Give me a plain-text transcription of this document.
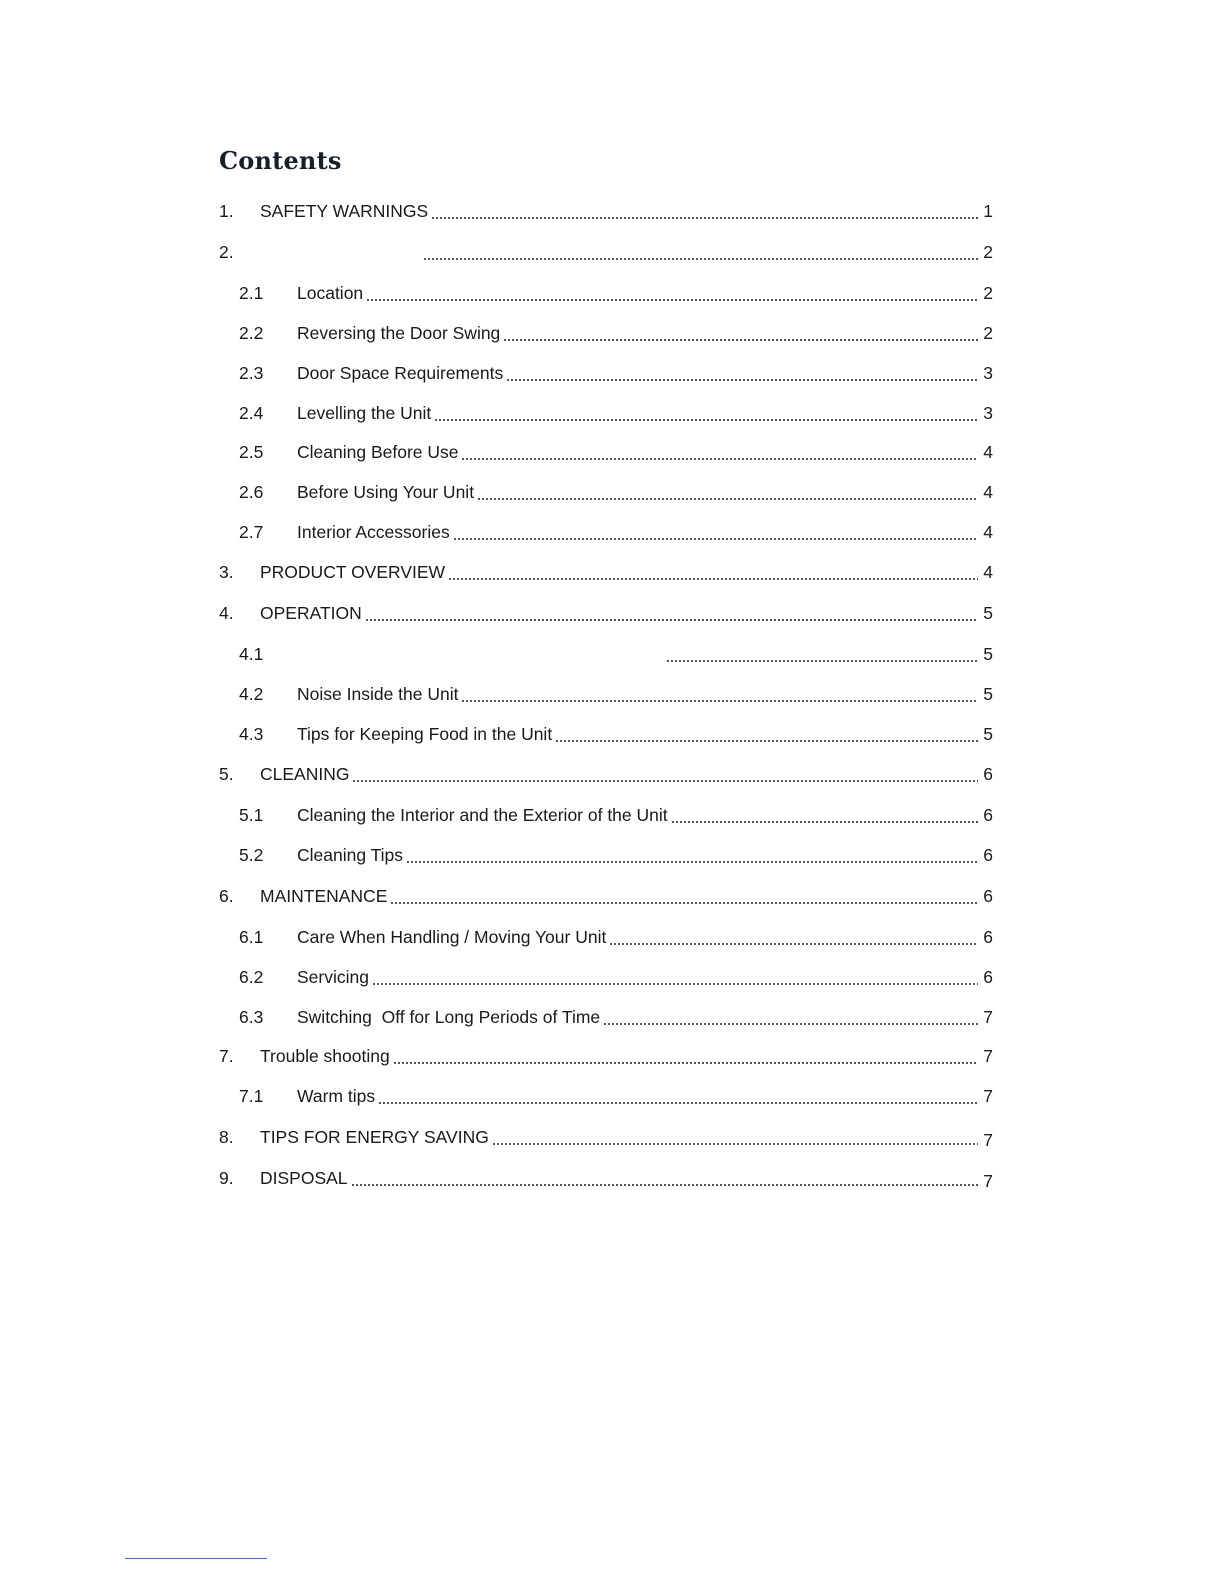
Contents
1.	SAFETY WARNINGS	1
2.	2
2.1	Location	2
2.2	Reversing the Door Swing	2
2.3	Door Space Requirements	3
2.4	Levelling the Unit	3
2.5	Cleaning Before Use	4
2.6	Before Using Your Unit	4
2.7	Interior Accessories	4
3.	PRODUCT OVERVIEW	4
4.	OPERATION	5
4.1	5
4.2	Noise Inside the Unit	5
4.3	Tips for Keeping Food in the Unit	5
5.	CLEANING	6
5.1	Cleaning the Interior and the Exterior of the Unit	6
5.2	Cleaning Tips	6
6.	MAINTENANCE	6
6.1	Care When Handling / Moving Your Unit	6
6.2	Servicing	6
6.3	Switching  Off for Long Periods of Time	7
7.	Trouble shooting	7
7.1	Warm tips	7
8.	TIPS FOR ENERGY SAVING	7
9.	DISPOSAL	7
